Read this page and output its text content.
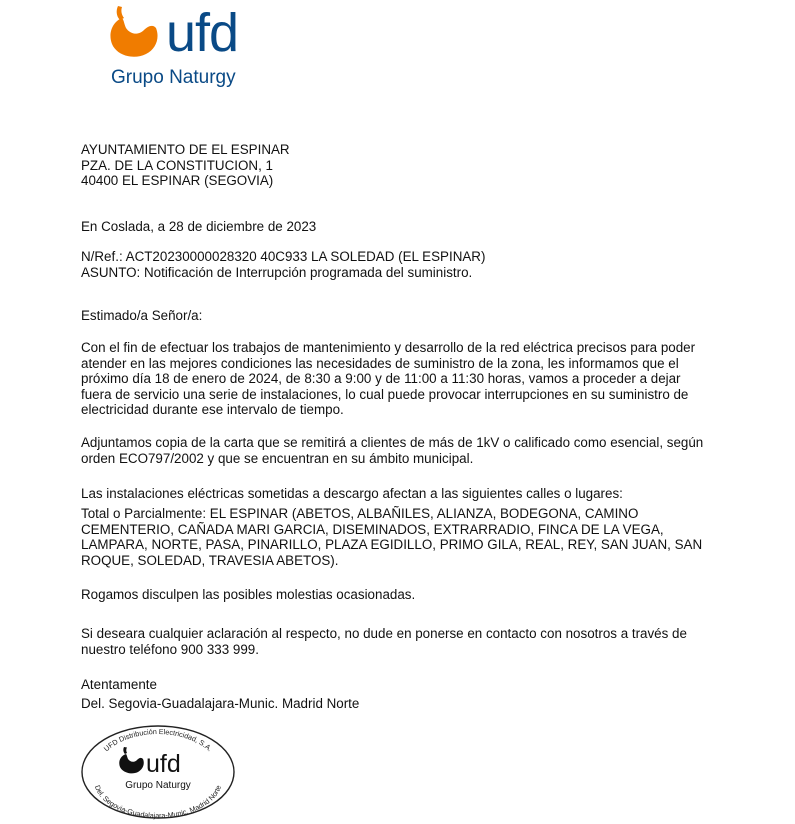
ufd
Grupo Naturgy

AYUNTAMIENTO DE EL ESPINAR

PZA. DE LA CONSTITUCION, 1

40400 EL ESPINAR (SEGOVIA)

En Coslada, a 28 de diciembre de 2023

N/Ref.: ACT20230000028320 40C933 LA SOLEDAD (EL ESPINAR)

ASUNTO: Notificación de Interrupción programada del suministro.

Estimado/a Señor/a:

Con el fin de efectuar los trabajos de mantenimiento y desarrollo de la red eléctrica precisos para poder

atender en las mejores condiciones las necesidades de suministro de la zona, les informamos que el

próximo día 18 de enero de 2024, de 8:30 a 9:00 y de 11:00 a 11:30 horas, vamos a proceder a dejar

fuera de servicio una serie de instalaciones, lo cual puede provocar interrupciones en su suministro de

electricidad durante ese intervalo de tiempo.

Adjuntamos copia de la carta que se remitirá a clientes de más de 1kV o calificado como esencial, según

orden ECO797/2002 y que se encuentran en su ámbito municipal.

Las instalaciones eléctricas sometidas a descargo afectan a las siguientes calles o lugares:

Total o Parcialmente: EL ESPINAR (ABETOS, ALBAÑILES, ALIANZA, BODEGONA, CAMINO

CEMENTERIO, CAÑADA MARI GARCIA, DISEMINADOS, EXTRARRADIO, FINCA DE LA VEGA,

LAMPARA, NORTE, PASA, PINARILLO, PLAZA EGIDILLO, PRIMO GILA, REAL, REY, SAN JUAN, SAN

ROQUE, SOLEDAD, TRAVESIA ABETOS).

Rogamos disculpen las posibles molestias ocasionadas.

Si deseara cualquier aclaración al respecto, no dude en ponerse en contacto con nosotros a través de

nuestro teléfono 900 333 999.

Atentamente

Del. Segovia-Guadalajara-Munic. Madrid Norte

UFD Distribución Electricidad, S.A.
Del. Segovia-Guadalajara-Munic. Madrid Norte
ufd
Grupo Naturgy
